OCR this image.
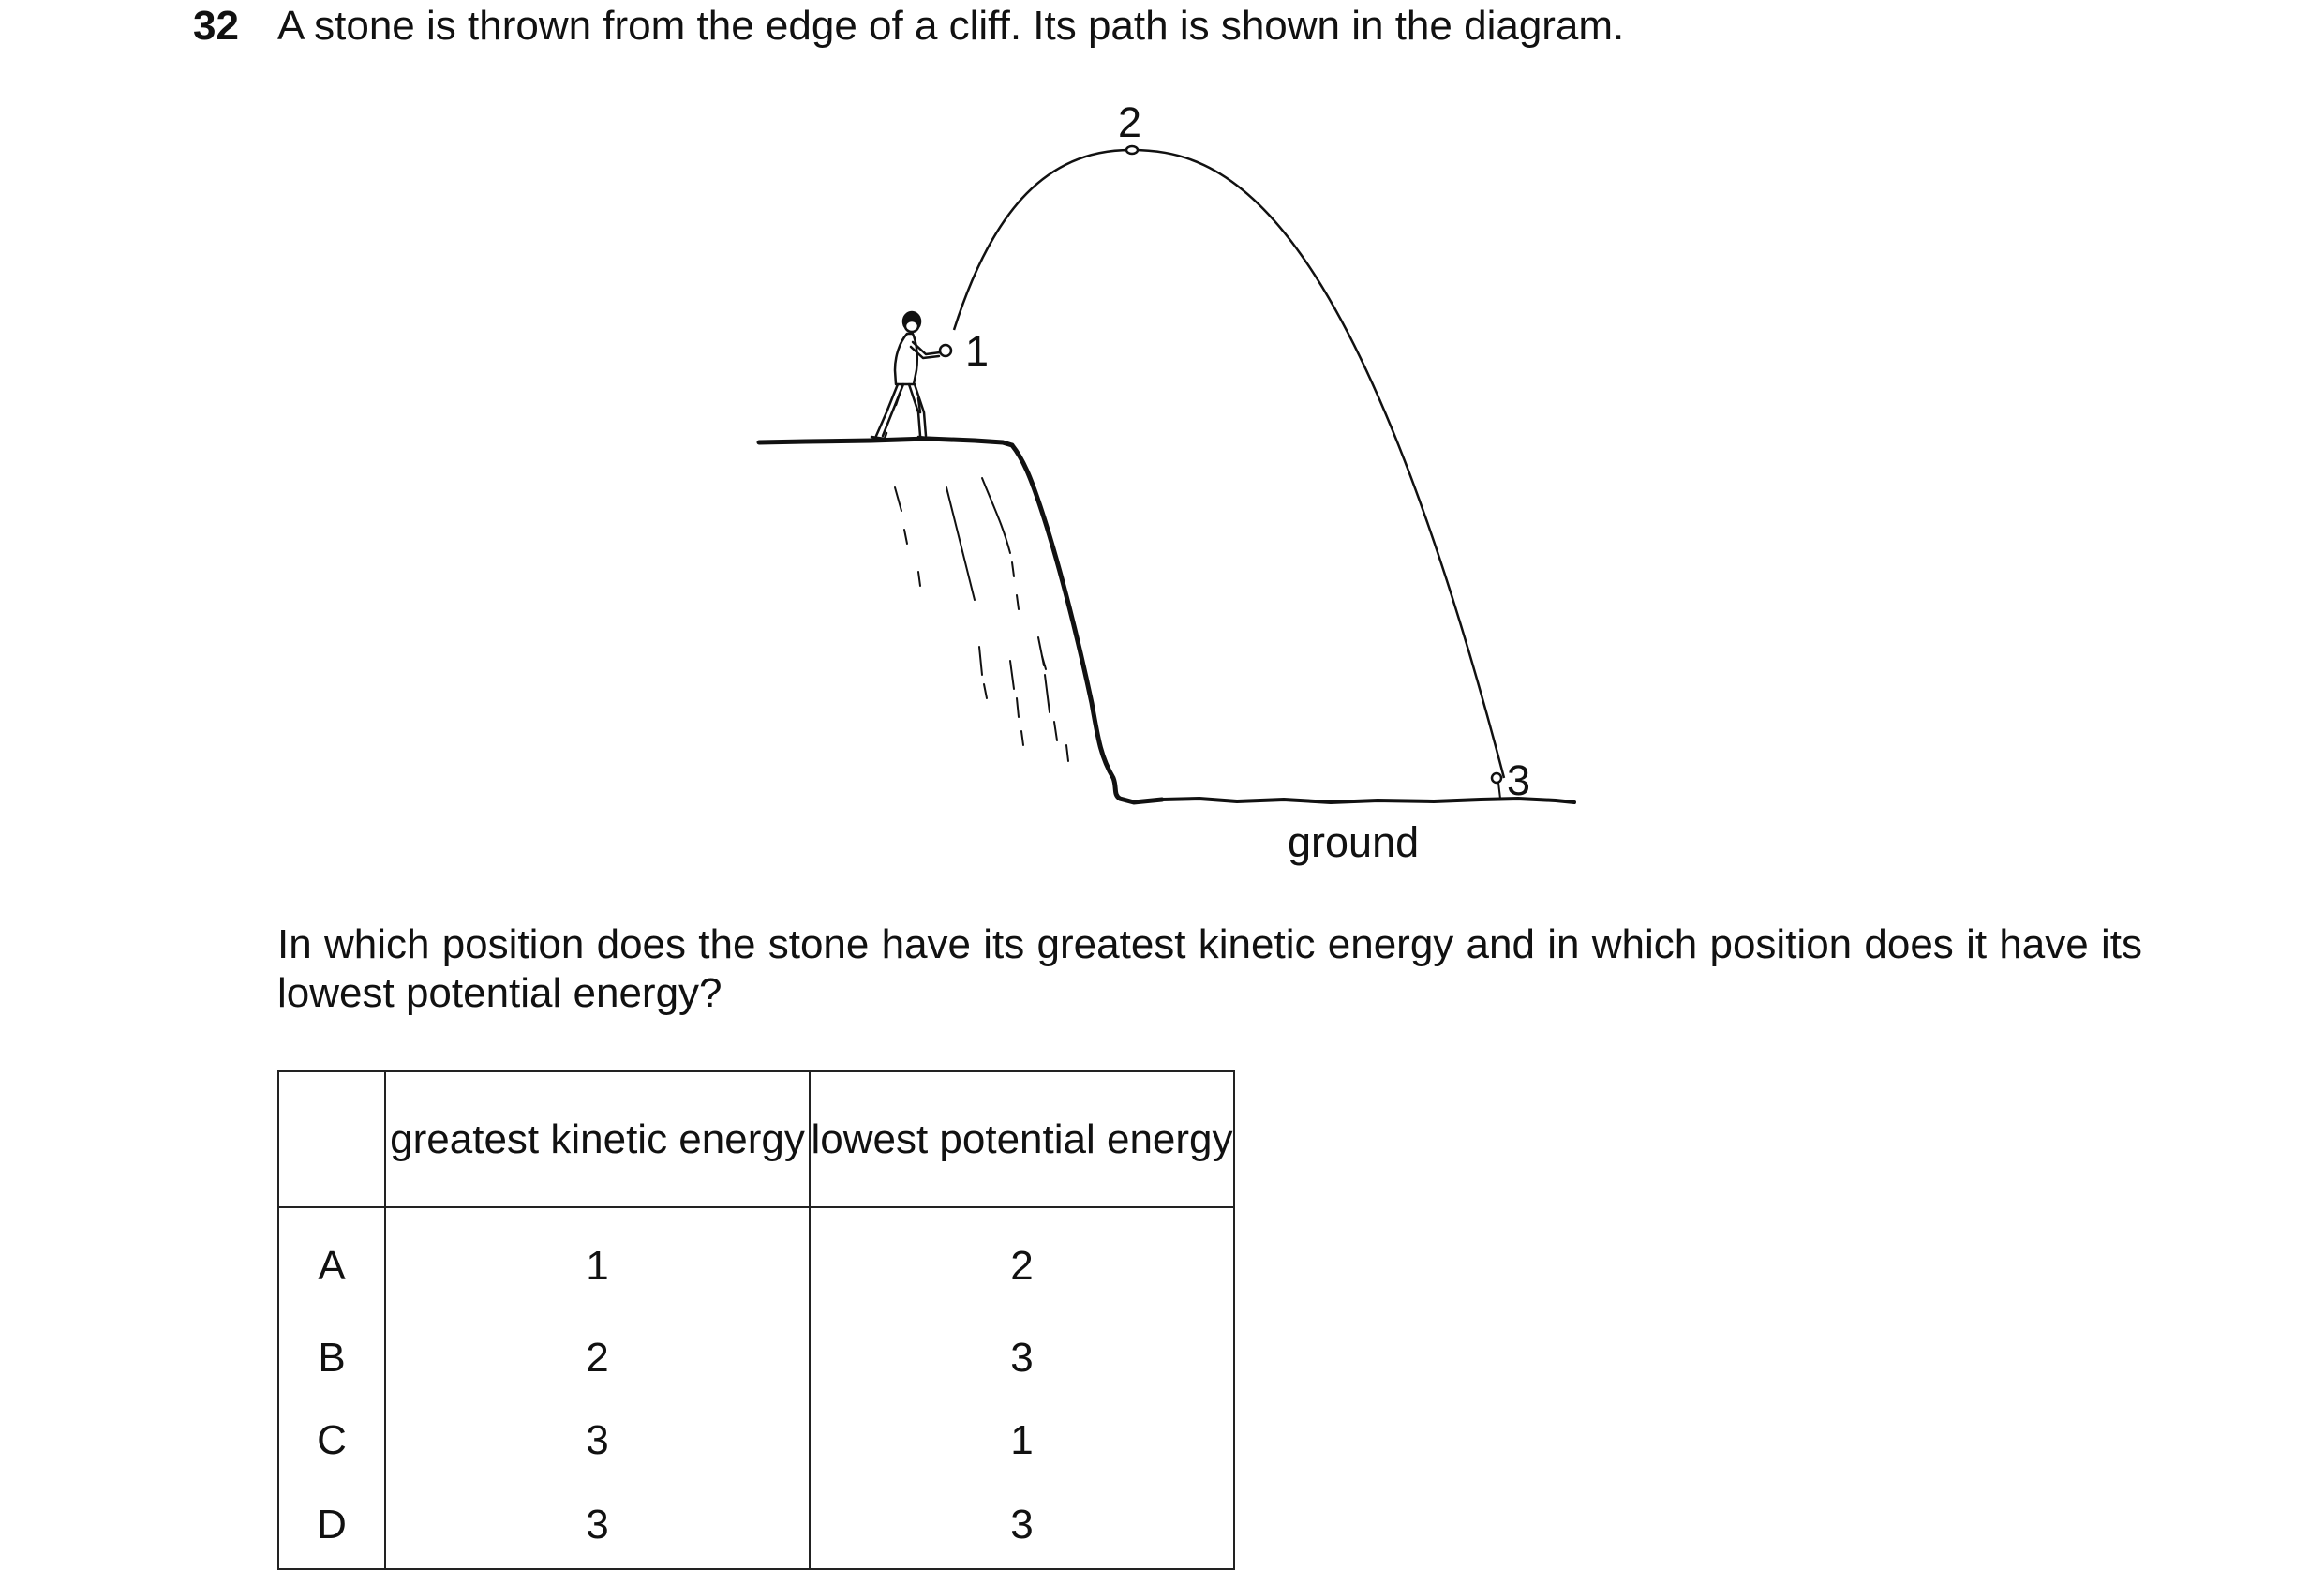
32 A stone is thrown from the edge of a cliff. Its path is shown in the diagram.
1
2
3
ground
In which position does the stone have its greatest kinetic energy and in which position does it have its lowest potential energy?
	greatest kinetic energy	lowest potential energy
A	1	2
B	2	3
C	3	1
D	3	3
